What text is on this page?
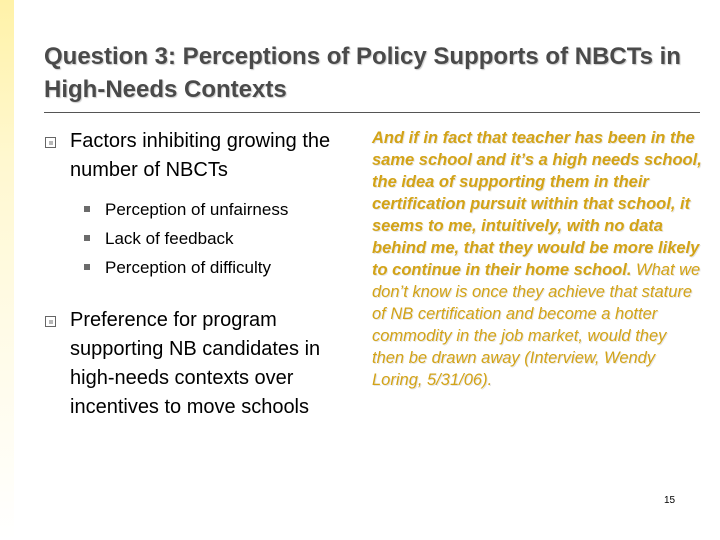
Question 3: Perceptions of Policy Supports of NBCTs in High-Needs Contexts
Factors inhibiting growing the number of NBCTs
Perception of unfairness
Lack of feedback
Perception of difficulty
Preference for program supporting NB candidates in high-needs contexts over incentives to move schools
And if in fact that teacher has been in the same school and it’s a high needs school, the idea of supporting them in their certification pursuit within that school, it seems to me, intuitively, with no data behind me, that they would be more likely to continue in their home school. What we don’t know is once they achieve that stature of NB certification and become a hotter commodity in the job market, would they then be drawn away (Interview, Wendy Loring, 5/31/06).
15
